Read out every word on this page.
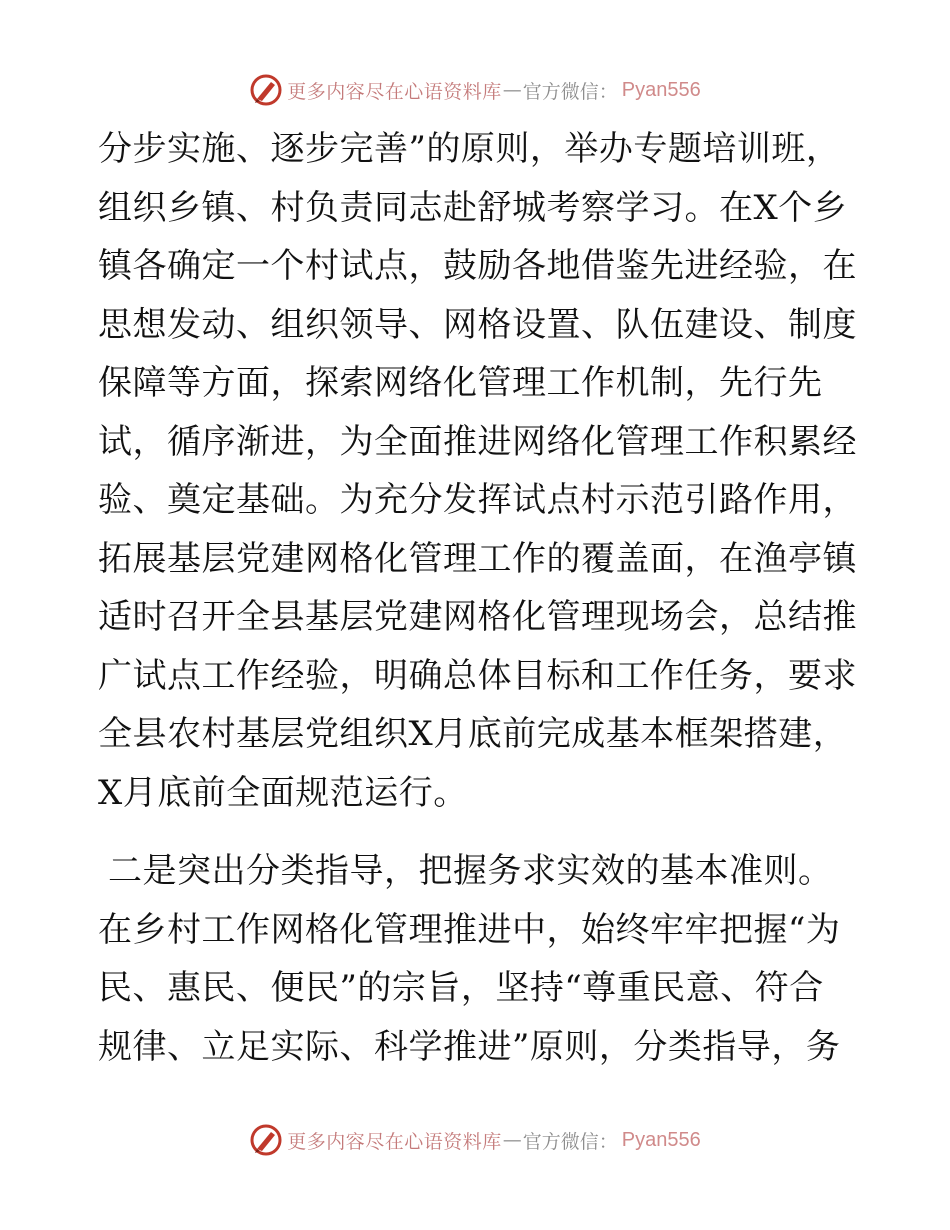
更多内容尽在心语资料库 — 官方微信： Pyan556
分步实施、逐步完善”的原则，举办专题培训班，
组织乡镇、村负责同志赴舒城考察学习。在X个乡
镇各确定一个村试点，鼓励各地借鉴先进经验，在
思想发动、组织领导、网格设置、队伍建设、制度
保障等方面，探索网络化管理工作机制，先行先
试，循序渐进，为全面推进网络化管理工作积累经
验、奠定基础。为充分发挥试点村示范引路作用，
拓展基层党建网格化管理工作的覆盖面，在渔亭镇
适时召开全县基层党建网格化管理现场会，总结推
广试点工作经验，明确总体目标和工作任务，要求
全县农村基层党组织X月底前完成基本框架搭建，
X月底前全面规范运行。
二是突出分类指导，把握务求实效的基本准则。
在乡村工作网格化管理推进中，始终牢牢把握“为
民、惠民、便民”的宗旨，坚持“尊重民意、符合
规律、立足实际、科学推进”原则，分类指导，务
更多内容尽在心语资料库 — 官方微信： Pyan556
